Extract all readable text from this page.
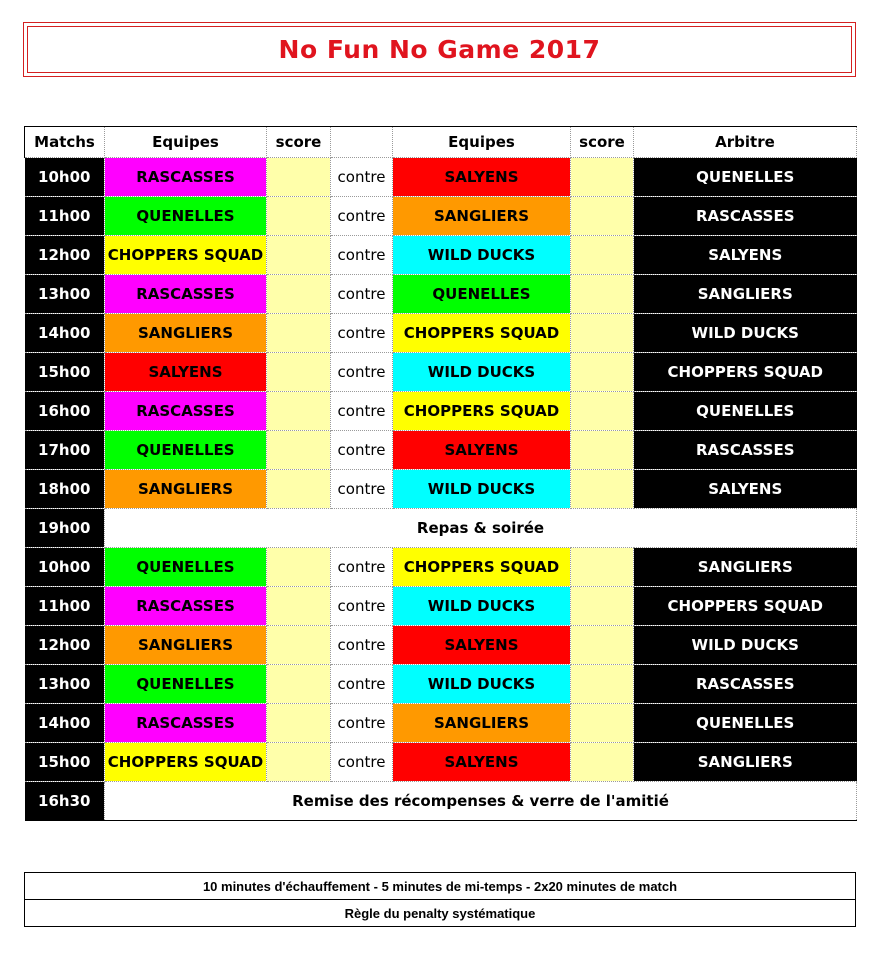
No Fun No Game 2017
Matchs	Equipes	score		Equipes	score	Arbitre
10h00	RASCASSES		contre	SALYENS		QUENELLES
11h00	QUENELLES		contre	SANGLIERS		RASCASSES
12h00	CHOPPERS SQUAD		contre	WILD DUCKS		SALYENS
13h00	RASCASSES		contre	QUENELLES		SANGLIERS
14h00	SANGLIERS		contre	CHOPPERS SQUAD		WILD DUCKS
15h00	SALYENS		contre	WILD DUCKS		CHOPPERS SQUAD
16h00	RASCASSES		contre	CHOPPERS SQUAD		QUENELLES
17h00	QUENELLES		contre	SALYENS		RASCASSES
18h00	SANGLIERS		contre	WILD DUCKS		SALYENS
19h00	Repas & soirée					
10h00	QUENELLES		contre	CHOPPERS SQUAD		SANGLIERS
11h00	RASCASSES		contre	WILD DUCKS		CHOPPERS SQUAD
12h00	SANGLIERS		contre	SALYENS		WILD DUCKS
13h00	QUENELLES		contre	WILD DUCKS		RASCASSES
14h00	RASCASSES		contre	SANGLIERS		QUENELLES
15h00	CHOPPERS SQUAD		contre	SALYENS		SANGLIERS
16h30	Remise des récompenses & verre de l'amitié					
10 minutes d'échauffement - 5 minutes de mi-temps - 2x20 minutes de match
Règle du penalty systématique
